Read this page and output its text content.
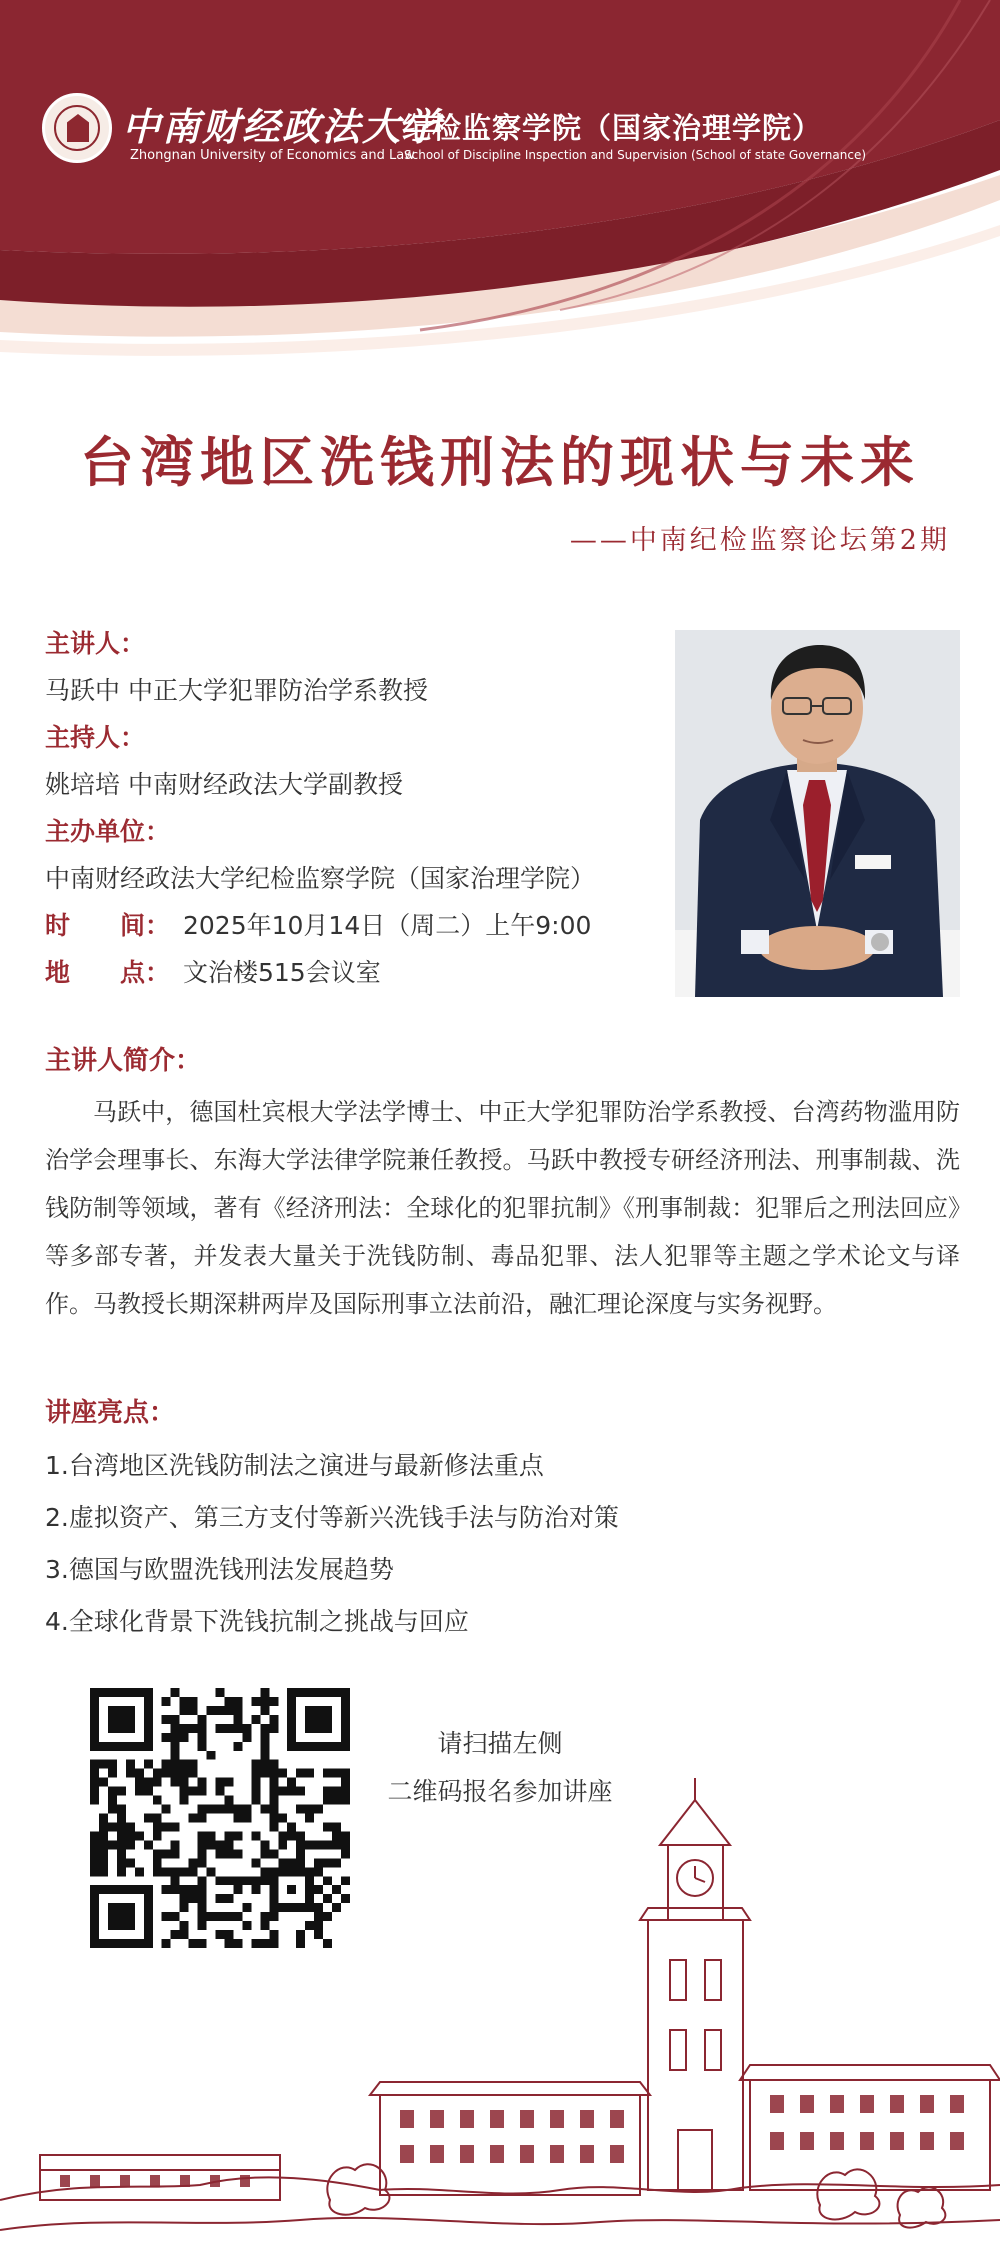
中南财经政法大学
Zhongnan University of Economics and Law
纪检监察学院（国家治理学院）
School of Discipline Inspection and Supervision (School of state Governance)
台湾地区洗钱刑法的现状与未来
——中南纪检监察论坛第2期
主讲人：
马跃中 中正大学犯罪防治学系教授
主持人：
姚培培 中南财经政法大学副教授
主办单位：
中南财经政法大学纪检监察学院（国家治理学院）
时　　间： 2025年10月14日（周二）上午9:00
地　　点： 文治楼515会议室
主讲人简介：
马跃中，德国杜宾根大学法学博士、中正大学犯罪防治学系教授、台湾药物滥用防治学会理事长、东海大学法律学院兼任教授。马跃中教授专研经济刑法、刑事制裁、洗钱防制等领域，著有《经济刑法：全球化的犯罪抗制》《刑事制裁：犯罪后之刑法回应》等多部专著，并发表大量关于洗钱防制、毒品犯罪、法人犯罪等主题之学术论文与译作。马教授长期深耕两岸及国际刑事立法前沿，融汇理论深度与实务视野。
讲座亮点：
1.台湾地区洗钱防制法之演进与最新修法重点
2.虚拟资产、第三方支付等新兴洗钱手法与防治对策
3.德国与欧盟洗钱刑法发展趋势
4.全球化背景下洗钱抗制之挑战与回应
请扫描左侧
二维码报名参加讲座
